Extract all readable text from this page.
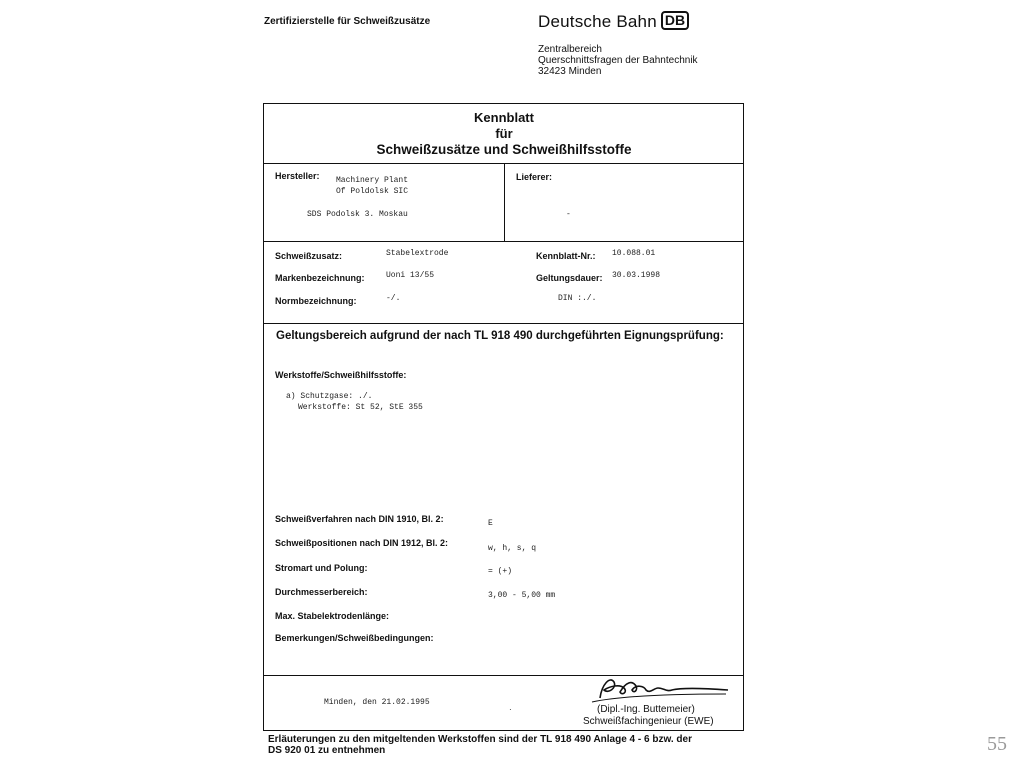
Zertifizierstelle für Schweißzusätze	Deutsche Bahn DB
Zentralbereich
Querschnittsfragen der Bahntechnik
32423 Minden
Kennblatt
für
Schweißzusätze und Schweißhilfsstoffe
Hersteller: Machinery Plant
Of Poldolsk SIC
SDS Podolsk 3. Moskau
Lieferer:
-
Schweißzusatz:	Stabelextrode	Kennblatt-Nr.: 10.088.01
Markenbezeichnung:	Uoni 13/55	Geltungsdauer: 30.03.1998
Normbezeichnung:	-/.	DIN :./.
Geltungsbereich aufgrund der nach TL 918 490 durchgeführten Eignungsprüfung:
Werkstoffe/Schweißhilfsstoffe:
a) Schutzgase: ./.
Werkstoffe: St 52, StE 355
Schweißverfahren nach DIN 1910, Bl. 2:	E
Schweißpositionen nach DIN 1912, Bl. 2:
w, h, s, q
Stromart und Polung:	= (+)
Durchmesserbereich:	3,00 - 5,00 mm
Max. Stabelektrodenlänge:
Bemerkungen/Schweißbedingungen:
Minden, den 21.02.1995
·	(Dipl.-Ing. Buttemeier)
Schweißfachingenieur (EWE)
Erläuterungen zu den mitgeltenden Werkstoffen sind der TL 918 490 Anlage 4 - 6 bzw. der
DS 920 01 zu entnehmen	55
